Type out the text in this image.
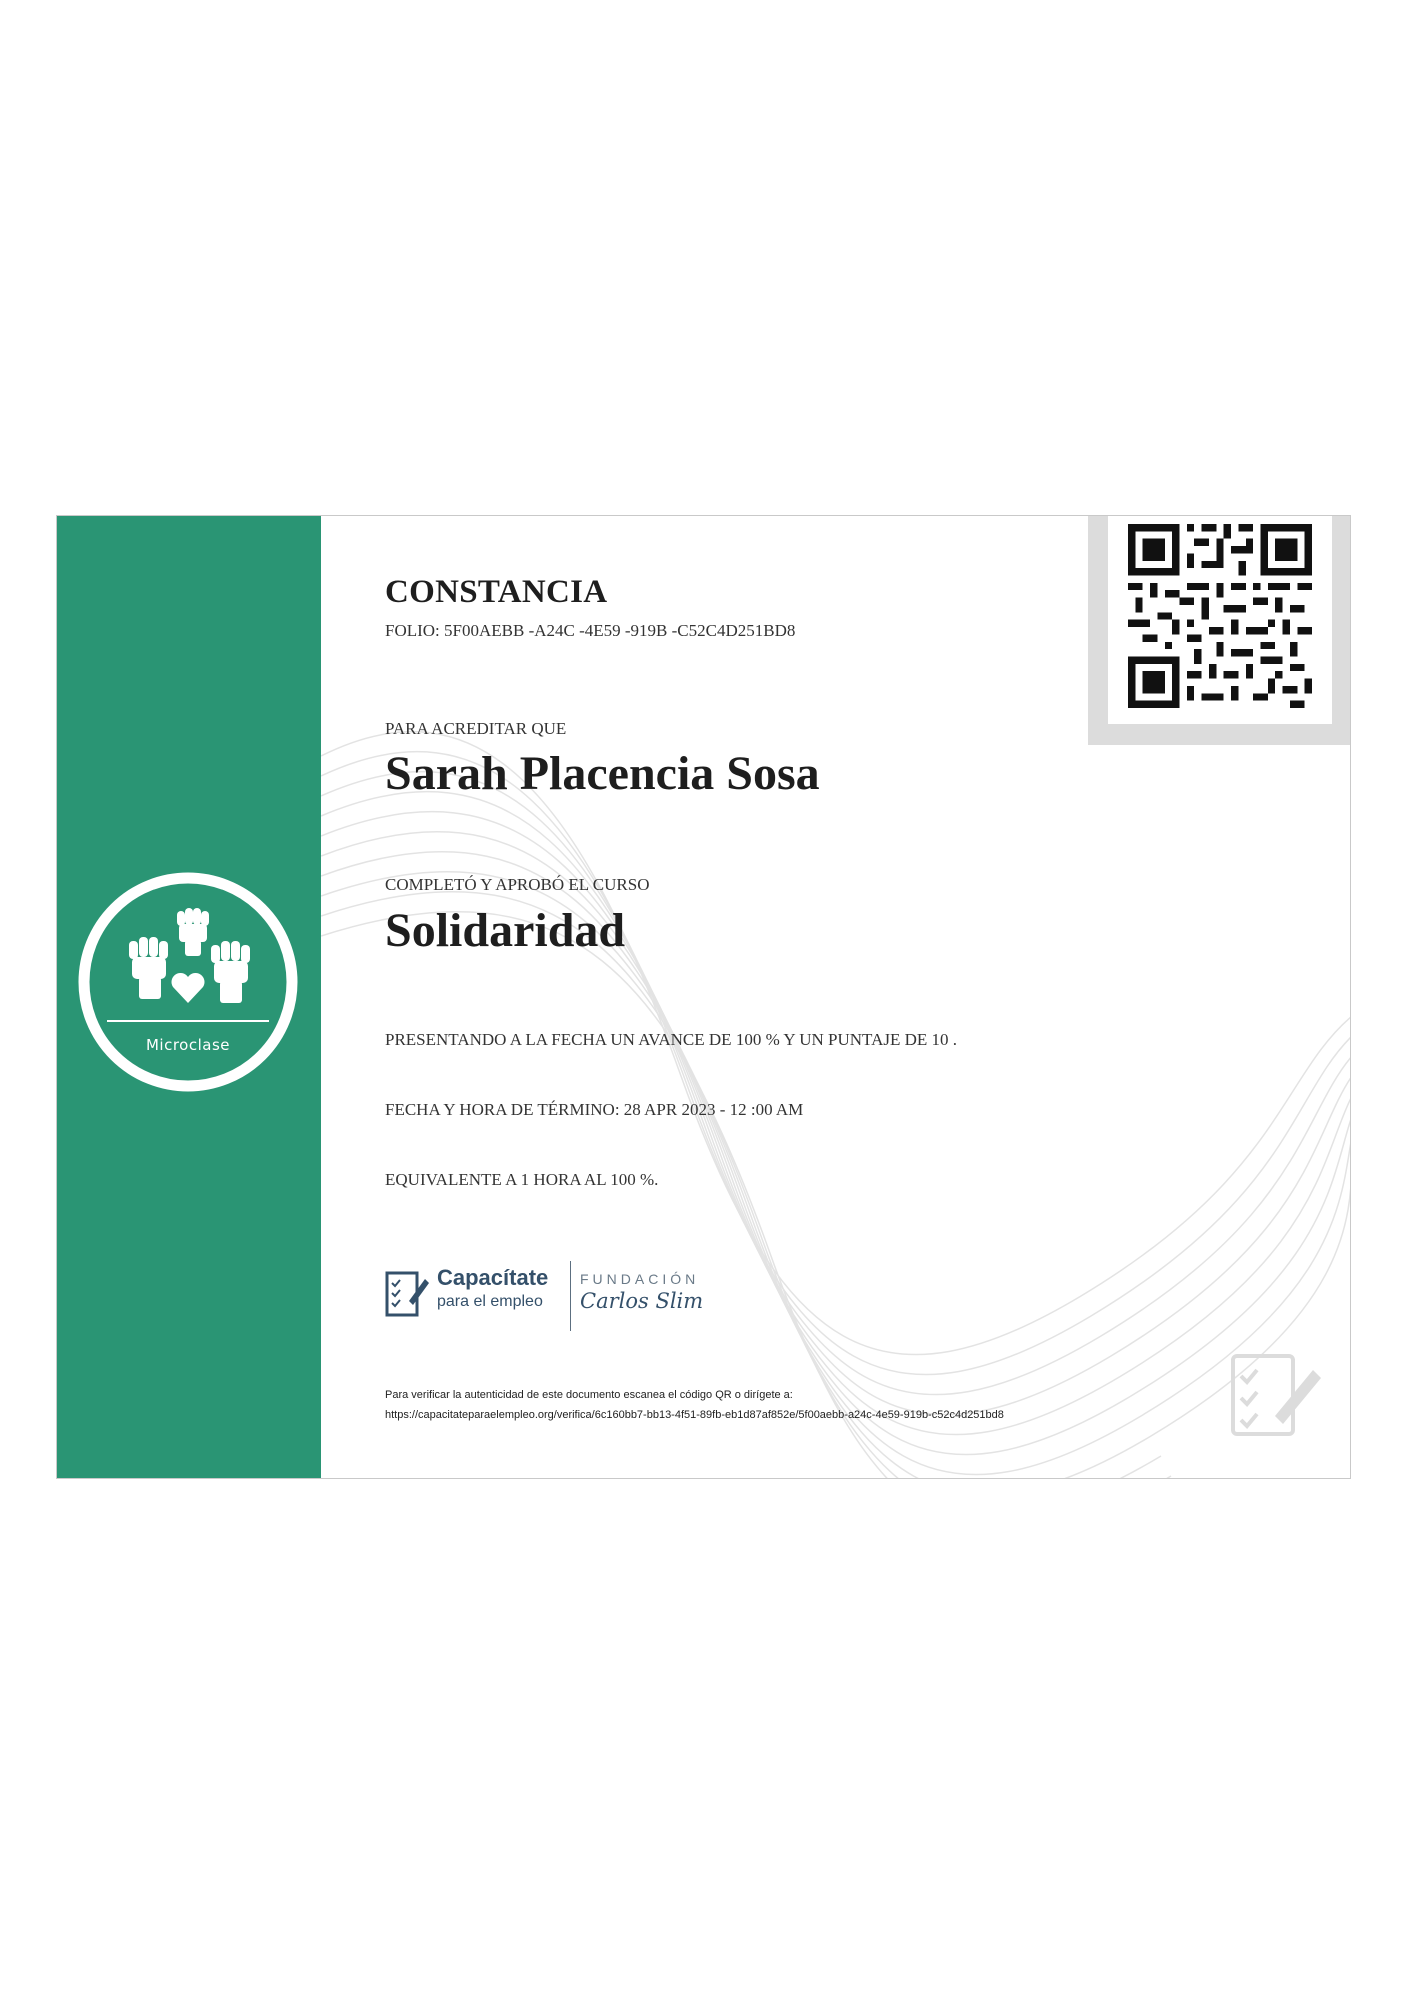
Microclase
CONSTANCIA
FOLIO: 5F00AEBB -A24C -4E59 -919B -C52C4D251BD8
PARA ACREDITAR QUE
Sarah Placencia Sosa
COMPLETÓ Y APROBÓ EL CURSO
Solidaridad
PRESENTANDO A LA FECHA UN AVANCE DE 100 % Y UN PUNTAJE DE 10 .
FECHA Y HORA DE TÉRMINO: 28 APR 2023 - 12 :00 AM
EQUIVALENTE A 1 HORA AL 100 %.
Capacítate
para el empleo
FUNDACIÓN
Carlos Slim
Para verificar la autenticidad de este documento escanea el código QR o dirígete a:
https://capacitateparaelempleo.org/verifica/6c160bb7-bb13-4f51-89fb-eb1d87af852e/5f00aebb-a24c-4e59-919b-c52c4d251bd8
